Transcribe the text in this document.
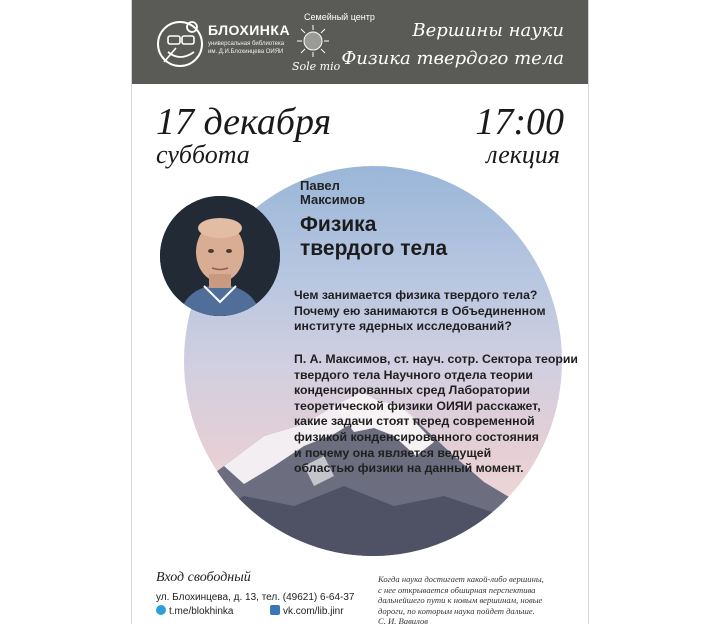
БЛОХИНКА
универсальная библиотека
им. Д.И.Блохинцева ОИЯИ
Семейный центр
Sole mio
Вершины науки
Физика твердого тела
17 декабря
суббота
17:00
лекция
Павел
Максимов
Физика
твердого тела
Чем занимается физика твердого тела?
Почему ею занимаются в Объединенном
институте ядерных исследований?
П. А. Максимов, ст. науч. сотр. Сектора теории
твердого тела Научного отдела теории
конденсированных сред Лаборатории
теоретической физики ОИЯИ расскажет,
какие задачи стоят перед современной
физикой конденсированного состояния
и почему она является ведущей
областью физики на данный момент.
Вход свободный
ул. Блохинцева, д. 13, тел. (49621) 6-64-37
t.me/blokhinka	vk.com/lib.jinr
Когда наука достигает какой-либо вершины,
с нее открывается обширная перспектива
дальнейшего пути к новым вершинам, новые
дороги, по которым наука пойдет дальше.
С. И. Вавилов
